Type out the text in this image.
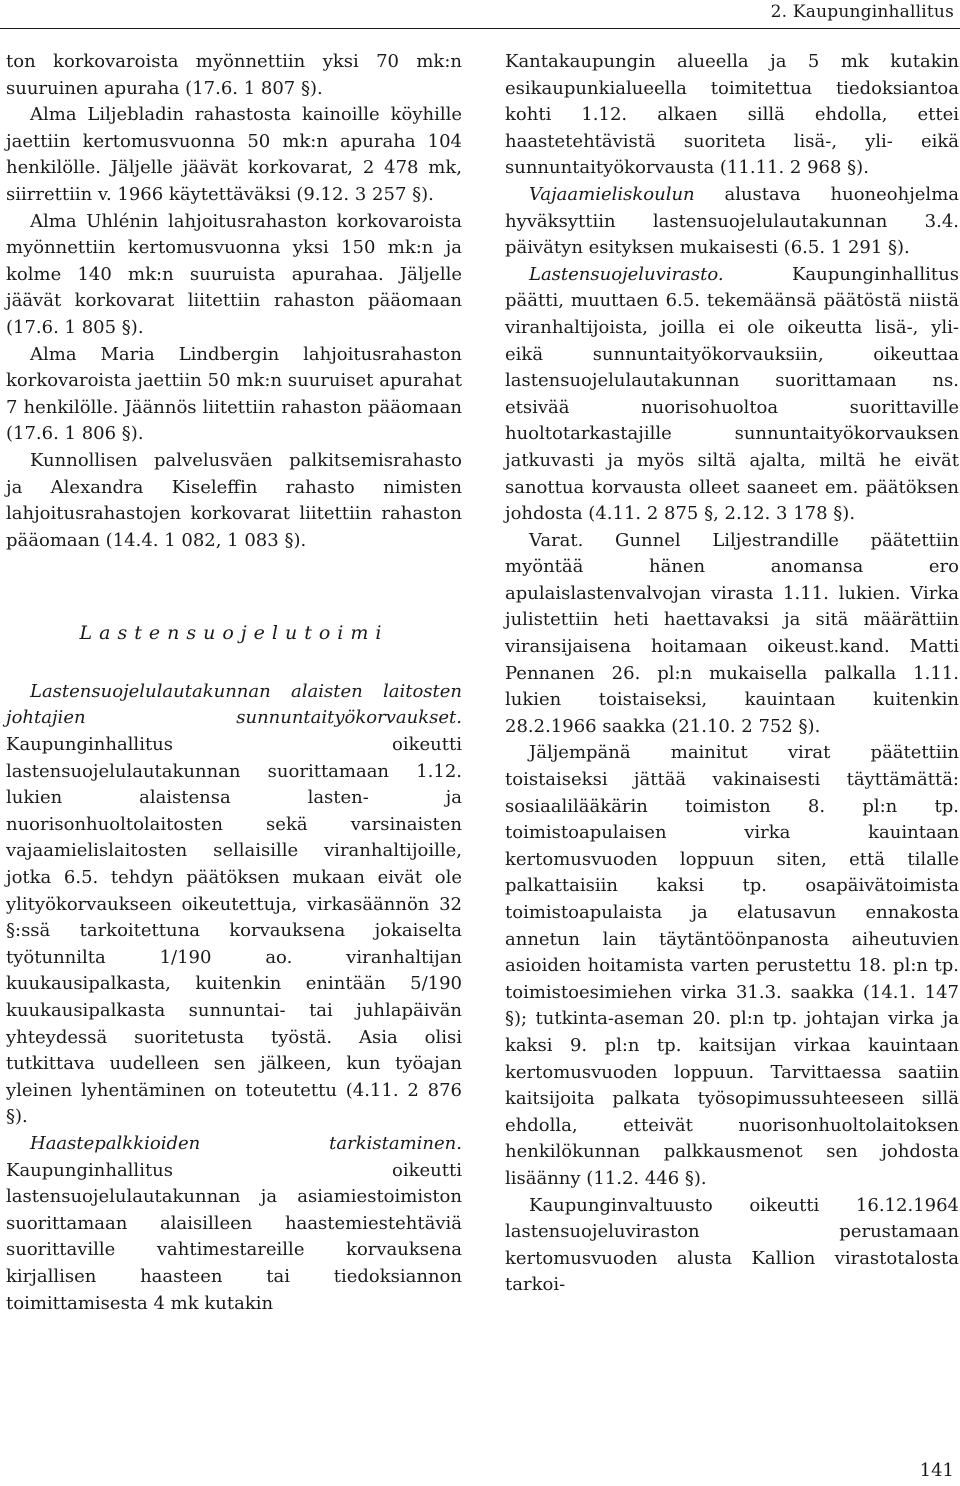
2. Kaupunginhallitus

ton korkovaroista myönnettiin yksi 70 mk:n suuruinen apuraha (17.6. 1 807 §).

Alma Liljebladin rahastosta kainoille köyhille jaettiin kertomusvuonna 50 mk:n apuraha 104 henkilölle. Jäljelle jäävät korkovarat, 2 478 mk, siirrettiin v. 1966 käytettäväksi (9.12. 3 257 §).

Alma Uhlénin lahjoitusrahaston korkovaroista myönnettiin kertomusvuonna yksi 150 mk:n ja kolme 140 mk:n suuruista apurahaa. Jäljelle jäävät korkovarat liitettiin rahaston pääomaan (17.6. 1 805 §).

Alma Maria Lindbergin lahjoitusrahaston korkovaroista jaettiin 50 mk:n suuruiset apurahat 7 henkilölle. Jäännös liitettiin rahaston pääomaan (17.6. 1 806 §).

Kunnollisen palvelusväen palkitsemisrahasto ja Alexandra Kiseleffin rahasto nimisten lahjoitusrahastojen korkovarat liitettiin rahaston pääomaan (14.4. 1 082, 1 083 §).

Lastensuojelutoimi

Lastensuojelulautakunnan alaisten laitosten johtajien sunnuntaityökorvaukset. Kaupunginhallitus oikeutti lastensuojelulautakunnan suorittamaan 1.12. lukien alaistensa lasten- ja nuorisonhuoltolaitosten sekä varsinaisten vajaamielislaitosten sellaisille viranhaltijoille, jotka 6.5. tehdyn päätöksen mukaan eivät ole ylityökorvaukseen oikeutettuja, virkasäännön 32 §:ssä tarkoitettuna korvauksena jokaiselta työtunnilta 1/190 ao. viranhaltijan kuukausipalkasta, kuitenkin enintään 5/190 kuukausipalkasta sunnuntai- tai juhlapäivän yhteydessä suoritetusta työstä. Asia olisi tutkittava uudelleen sen jälkeen, kun työajan yleinen lyhentäminen on toteutettu (4.11. 2 876 §).

Haastepalkkioiden tarkistaminen. Kaupunginhallitus oikeutti lastensuojelulautakunnan ja asiamiestoimiston suorittamaan alaisilleen haastemiestehtäviä suorittaville vahtimestareille korvauksena kirjallisen haasteen tai tiedoksiannon toimittamisesta 4 mk kutakin

Kantakaupungin alueella ja 5 mk kutakin esikaupunkialueella toimitettua tiedoksiantoa kohti 1.12. alkaen sillä ehdolla, ettei haastetehtävistä suoriteta lisä-, yli- eikä sunnuntaityökorvausta (11.11. 2 968 §).

Vajaamieliskoulun alustava huoneohjelma hyväksyttiin lastensuojelulautakunnan 3.4. päivätyn esityksen mukaisesti (6.5. 1 291 §).

Lastensuojeluvirasto. Kaupunginhallitus päätti, muuttaen 6.5. tekemäänsä päätöstä niistä viranhaltijoista, joilla ei ole oikeutta lisä-, yli- eikä sunnuntaityökorvauksiin, oikeuttaa lastensuojelulautakunnan suorittamaan ns. etsivää nuorisohuoltoa suorittaville huoltotarkastajille sunnuntaityökorvauksen jatkuvasti ja myös siltä ajalta, miltä he eivät sanottua korvausta olleet saaneet em. päätöksen johdosta (4.11. 2 875 §, 2.12. 3 178 §).

Varat. Gunnel Liljestrandille päätettiin myöntää hänen anomansa ero apulaislastenvalvojan virasta 1.11. lukien. Virka julistettiin heti haettavaksi ja sitä määrättiin viransijaisena hoitamaan oikeust.kand. Matti Pennanen 26. pl:n mukaisella palkalla 1.11. lukien toistaiseksi, kauintaan kuitenkin 28.2.1966 saakka (21.10. 2 752 §).

Jäljempänä mainitut virat päätettiin toistaiseksi jättää vakinaisesti täyttämättä: sosiaalilääkärin toimiston 8. pl:n tp. toimistoapulaisen virka kauintaan kertomusvuoden loppuun siten, että tilalle palkattaisiin kaksi tp. osapäivätoimista toimistoapulaista ja elatusavun ennakosta annetun lain täytäntöönpanosta aiheutuvien asioiden hoitamista varten perustettu 18. pl:n tp. toimistoesimiehen virka 31.3. saakka (14.1. 147 §); tutkinta-aseman 20. pl:n tp. johtajan virka ja kaksi 9. pl:n tp. kaitsijan virkaa kauintaan kertomusvuoden loppuun. Tarvittaessa saatiin kaitsijoita palkata työsopimussuhteeseen sillä ehdolla, etteivät nuorisonhuoltolaitoksen henkilökunnan palkkausmenot sen johdosta lisäänny (11.2. 446 §).

Kaupunginvaltuusto oikeutti 16.12.1964 lastensuojeluviraston perustamaan kertomusvuoden alusta Kallion virastotalosta tarkoi-

141
